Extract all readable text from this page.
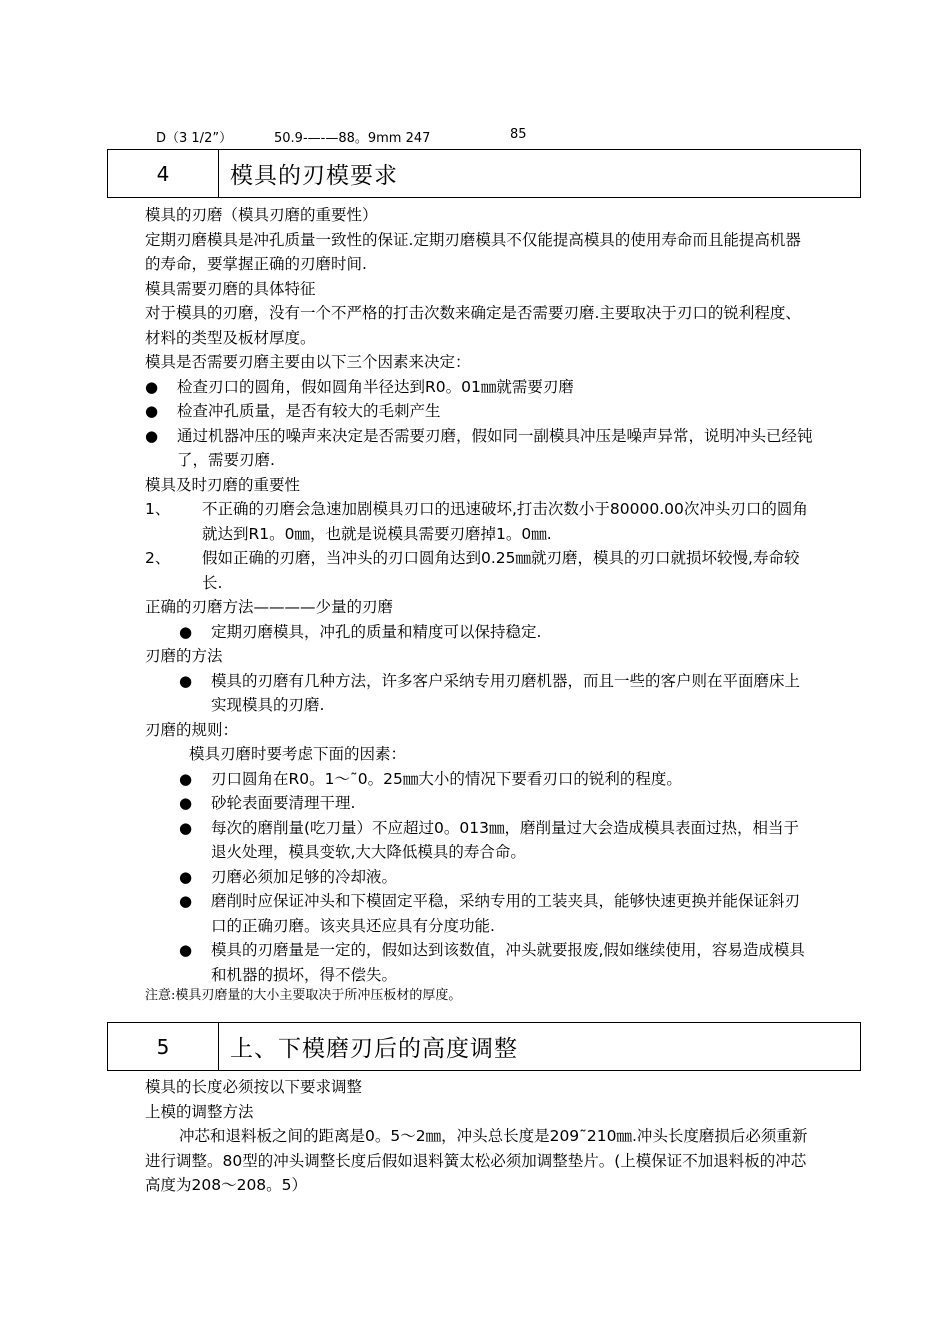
D（3 1/2”）

	50.9-—-—88。9mm 247

	85

4	模具的刃模要求

模具的刃磨（模具刃磨的重要性）

定期刃磨模具是冲孔质量一致性的保证.定期刃磨模具不仅能提高模具的使用寿命而且能提高机器的寿命，要掌握正确的刃磨时间.

模具需要刃磨的具体特征

对于模具的刃磨，没有一个不严格的打击次数来确定是否需要刃磨.主要取决于刃口的锐利程度、材料的类型及板材厚度。

模具是否需要刃磨主要由以下三个因素来决定：

● 检查刃口的圆角，假如圆角半径达到R0。01㎜就需要刃磨

● 检查冲孔质量，是否有较大的毛刺产生

● 通过机器冲压的噪声来决定是否需要刃磨，假如同一副模具冲压是噪声异常，说明冲头已经钝了，需要刃磨.

模具及时刃磨的重要性

1、 不正确的刃磨会急速加剧模具刃口的迅速破坏,打击次数小于80000.00次冲头刃口的圆角就达到R1。0㎜，也就是说模具需要刃磨掉1。0㎜.

2、 假如正确的刃磨，当冲头的刃口圆角达到0.25㎜就刃磨，模具的刃口就损坏较慢,寿命较长.

正确的刃磨方法————少量的刃磨

● 定期刃磨模具，冲孔的质量和精度可以保持稳定.

刃磨的方法

● 模具的刃磨有几种方法，许多客户采纳专用刃磨机器，而且一些的客户则在平面磨床上实现模具的刃磨.

刃磨的规则：

模具刃磨时要考虑下面的因素：

● 刃口圆角在R0。1～˜0。25㎜大小的情况下要看刃口的锐利的程度。

● 砂轮表面要清理干理.

● 每次的磨削量(吃刀量）不应超过0。013㎜，磨削量过大会造成模具表面过热，相当于退火处理，模具变软,大大降低模具的寿合命。

● 刃磨必须加足够的冷却液。

● 磨削时应保证冲头和下模固定平稳，采纳专用的工装夹具，能够快速更换并能保证斜刃口的正确刃磨。该夹具还应具有分度功能.

● 模具的刃磨量是一定的，假如达到该数值，冲头就要报废,假如继续使用，容易造成模具和机器的损坏，得不偿失。

注意:模具刃磨量的大小主要取决于所冲压板材的厚度。

5	上、下模磨刃后的高度调整

模具的长度必须按以下要求调整

上模的调整方法

冲芯和退料板之间的距离是0。5～2㎜，冲头总长度是209˜210㎜.冲头长度磨损后必须重新进行调整。80型的冲头调整长度后假如退料簧太松必须加调整垫片。(上模保证不加退料板的冲芯高度为208～208。5）
